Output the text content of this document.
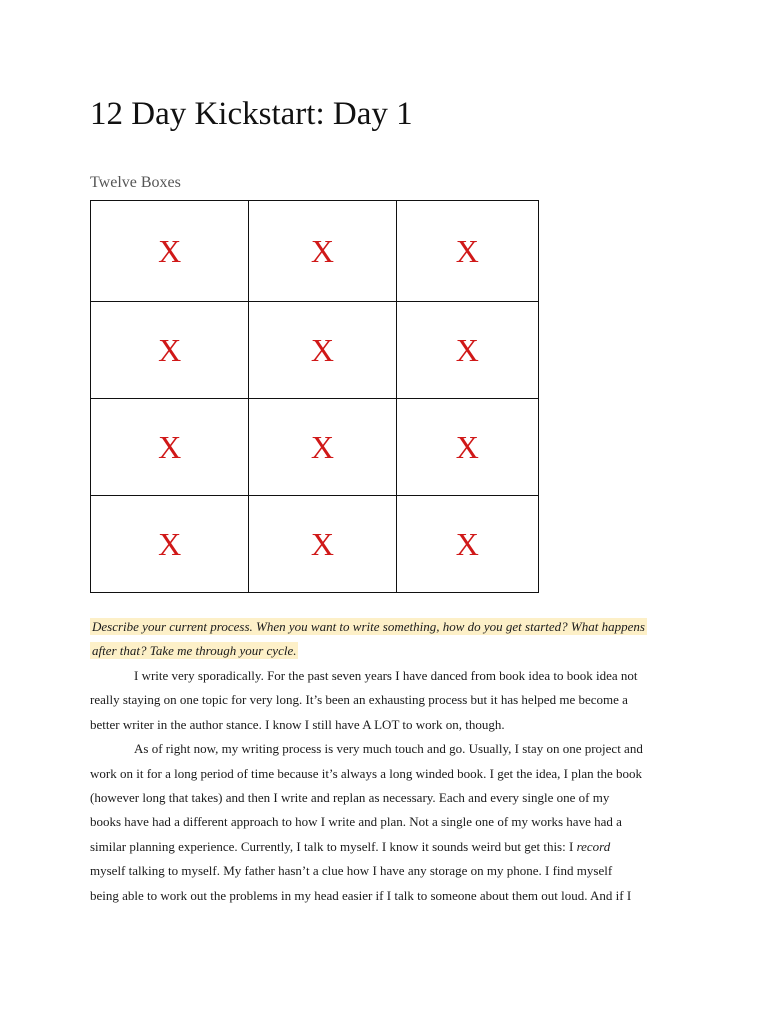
12 Day Kickstart: Day 1
Twelve Boxes
X	X	X
X	X	X
X	X	X
X	X	X
Describe your current process. When you want to write something, how do you get started? What happens
after that? Take me through your cycle.

I write very sporadically. For the past seven years I have danced from book idea to book idea not

really staying on one topic for very long. It’s been an exhausting process but it has helped me become a
better writer in the author stance. I know I still have A LOT to work on, though.

As of right now, my writing process is very much touch and go. Usually, I stay on one project and

work on it for a long period of time because it’s always a long winded book. I get the idea, I plan the book
(however long that takes) and then I write and replan as necessary. Each and every single one of my
books have had a different approach to how I write and plan. Not a single one of my works have had a
similar planning experience. Currently, I talk to myself. I know it sounds weird but get this: I record
myself talking to myself. My father hasn’t a clue how I have any storage on my phone. I find myself
being able to work out the problems in my head easier if I talk to someone about them out loud. And if I
